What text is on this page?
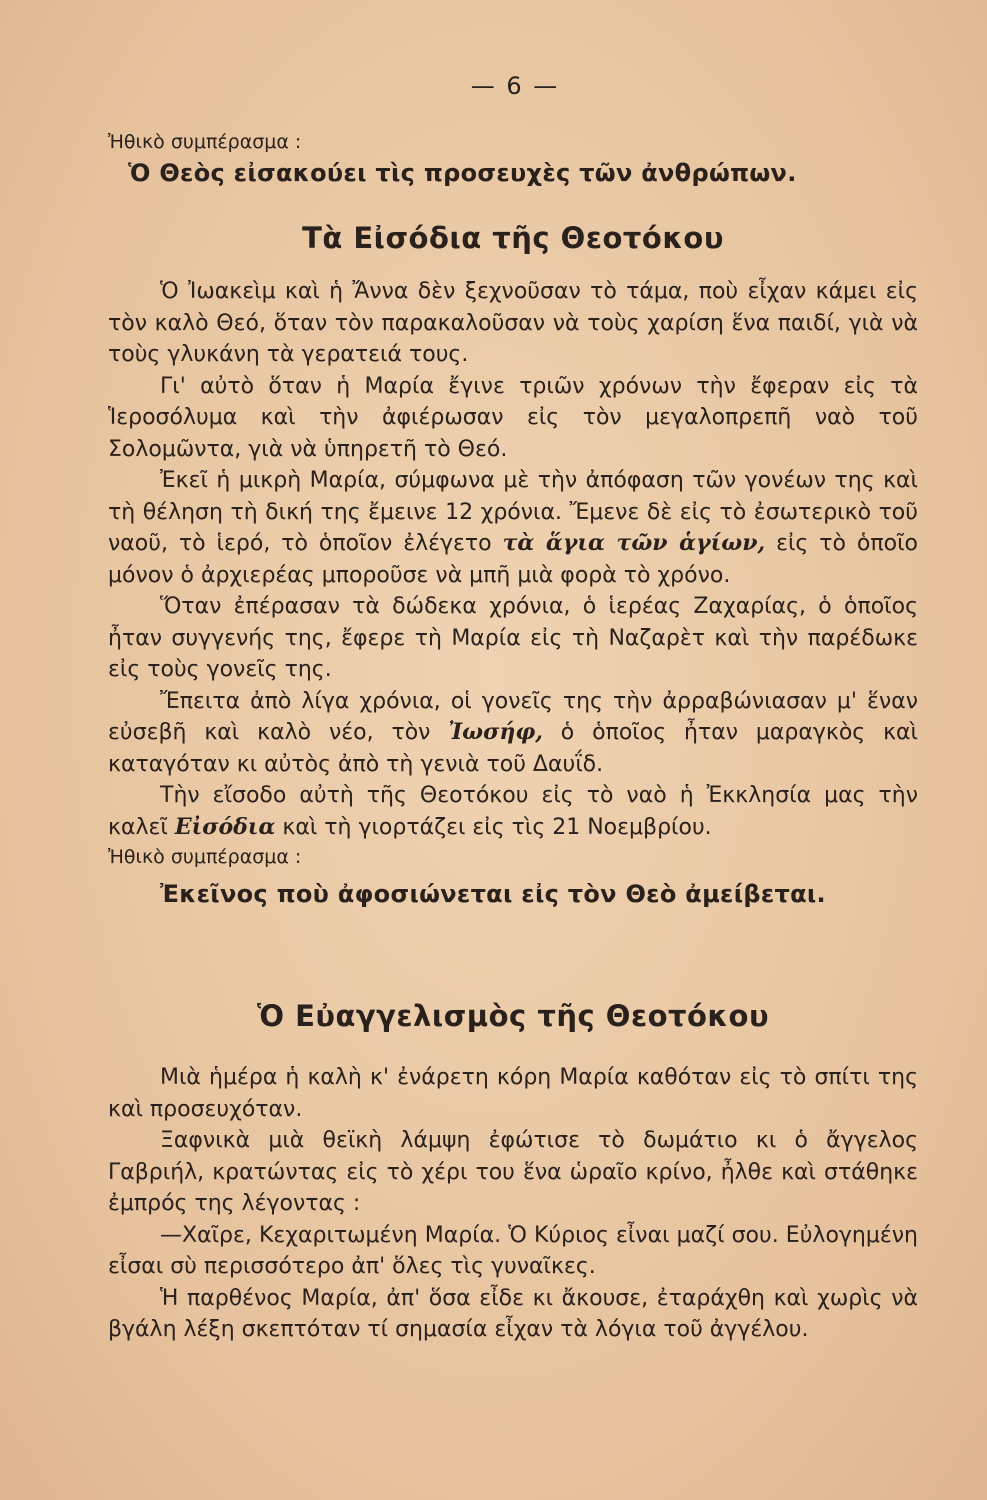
— 6 —

Ἠθικὸ συμπέρασμα :

Ὁ Θεὸς εἰσακούει τὶς προσευχὲς τῶν ἀνθρώπων.

Τὰ Εἰσόδια τῆς Θεοτόκου

Ὁ Ἰωακεὶμ καὶ ἡ Ἄννα δὲν ξεχνοῦσαν τὸ τάμα, ποὺ εἶχαν κάμει εἰς τὸν καλὸ Θεό, ὅταν τὸν παρακαλοῦσαν νὰ τοὺς χαρίση ἕνα παιδί, γιὰ νὰ τοὺς γλυκάνη τὰ γερατειά τους.

Γι' αὐτὸ ὅταν ἡ Μαρία ἔγινε τριῶν χρόνων τὴν ἔφεραν εἰς τὰ Ἱεροσόλυμα καὶ τὴν ἀφιέρωσαν εἰς τὸν μεγαλοπρεπῆ ναὸ τοῦ Σολομῶντα, γιὰ νὰ ὑπηρετῆ τὸ Θεό.

Ἐκεῖ ἡ μικρὴ Μαρία, σύμφωνα μὲ τὴν ἀπόφαση τῶν γονέων της καὶ τὴ θέληση τὴ δική της ἔμεινε 12 χρόνια. Ἔμενε δὲ εἰς τὸ ἐσωτερικὸ τοῦ ναοῦ, τὸ ἱερό, τὸ ὁποῖον ἐλέγετο τὰ ἅγια τῶν ἁγίων, εἰς τὸ ὁποῖο μόνον ὁ ἀρχιερέας μποροῦσε νὰ μπῆ μιὰ φορὰ τὸ χρόνο.

Ὅταν ἐπέρασαν τὰ δώδεκα χρόνια, ὁ ἱερέας Ζαχαρίας, ὁ ὁποῖος ἦταν συγγενής της, ἔφερε τὴ Μαρία εἰς τὴ Ναζαρὲτ καὶ τὴν παρέδωκε εἰς τοὺς γονεῖς της.

Ἔπειτα ἀπὸ λίγα χρόνια, οἱ γονεῖς της τὴν ἀρραβώνιασαν μ' ἕναν εὐσεβῆ καὶ καλὸ νέο, τὸν Ἰωσήφ, ὁ ὁποῖος ἦταν μαραγκὸς καὶ καταγόταν κι αὐτὸς ἀπὸ τὴ γενιὰ τοῦ Δαυΐδ.

Τὴν εἴσοδο αὐτὴ τῆς Θεοτόκου εἰς τὸ ναὸ ἡ Ἐκκλησία μας τὴν καλεῖ Εἰσόδια καὶ τὴ γιορτάζει εἰς τὶς 21 Νοεμβρίου.

Ἠθικὸ συμπέρασμα :

Ἐκεῖνος ποὺ ἀφοσιώνεται εἰς τὸν Θεὸ ἀμείβεται.

Ὁ Εὐαγγελισμὸς τῆς Θεοτόκου

Μιὰ ἡμέρα ἡ καλὴ κ' ἐνάρετη κόρη Μαρία καθόταν εἰς τὸ σπίτι της καὶ προσευχόταν.

Ξαφνικὰ μιὰ θεϊκὴ λάμψη ἐφώτισε τὸ δωμάτιο κι ὁ ἄγγελος Γαβριήλ, κρατώντας εἰς τὸ χέρι του ἕνα ὡραῖο κρίνο, ἦλθε καὶ στάθηκε ἐμπρός της λέγοντας :

—Χαῖρε, Κεχαριτωμένη Μαρία. Ὁ Κύριος εἶναι μαζί σου. Εὐλογημένη εἶσαι σὺ περισσότερο ἀπ' ὅλες τὶς γυναῖκες.

Ἡ παρθένος Μαρία, ἀπ' ὅσα εἶδε κι ἄκουσε, ἐταράχθη καὶ χωρὶς νὰ βγάλη λέξη σκεπτόταν τί σημασία εἶχαν τὰ λόγια τοῦ ἀγγέλου.
